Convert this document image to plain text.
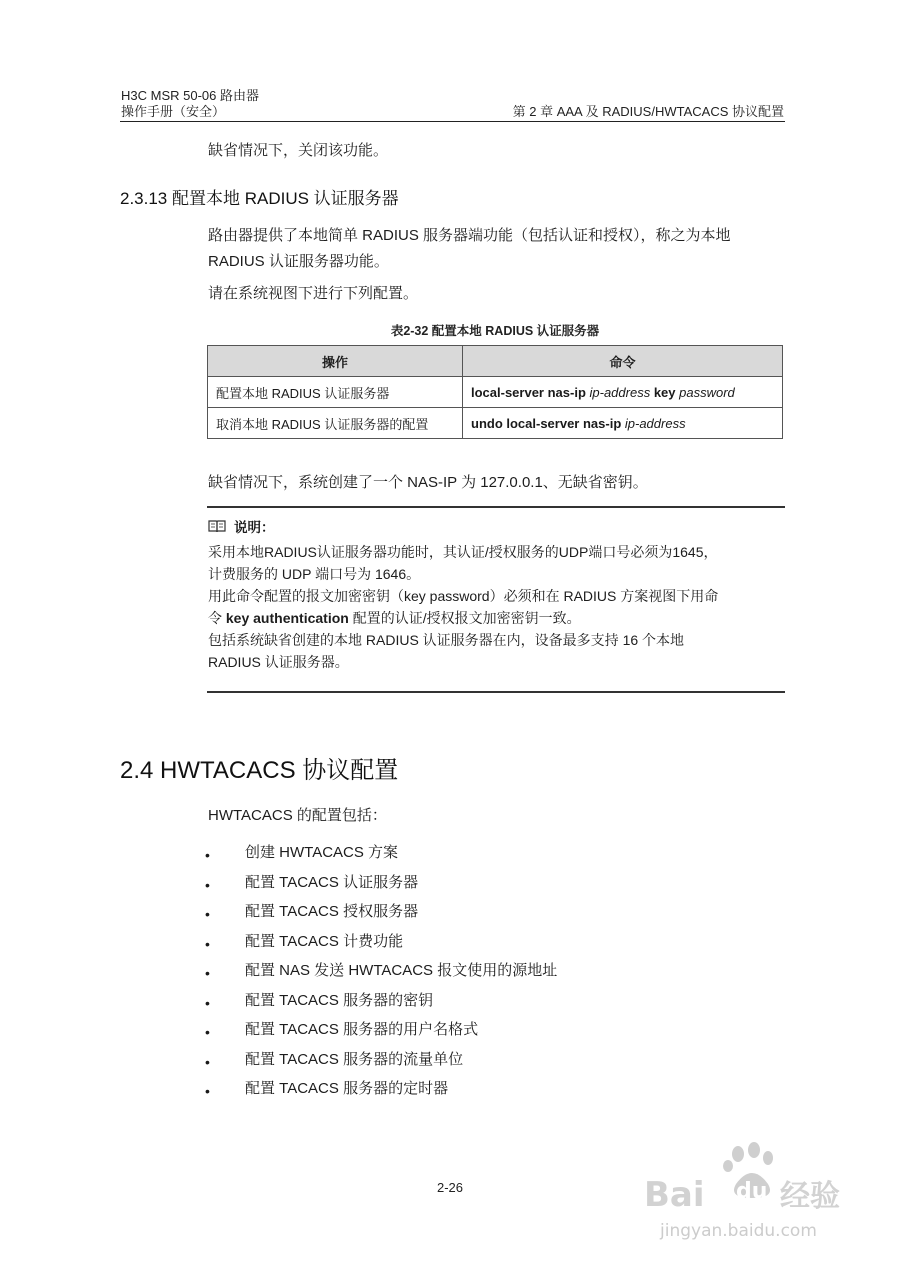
H3C MSR 50-06 路由器
操作手册（安全）	第 2 章 AAA 及 RADIUS/HWTACACS 协议配置
缺省情况下，关闭该功能。
2.3.13 配置本地 RADIUS 认证服务器
路由器提供了本地简单 RADIUS 服务器端功能（包括认证和授权），称之为本地
RADIUS 认证服务器功能。
请在系统视图下进行下列配置。
表2-32 配置本地 RADIUS 认证服务器
操作	命令
配置本地 RADIUS 认证服务器	local-server nas-ip ip-address key password
取消本地 RADIUS 认证服务器的配置	undo local-server nas-ip ip-address
缺省情况下，系统创建了一个 NAS-IP 为 127.0.0.1、无缺省密钥。
说明：
采用本地RADIUS认证服务器功能时，其认证/授权服务的UDP端口号必须为1645，
计费服务的 UDP 端口号为 1646。
用此命令配置的报文加密密钥（key password）必须和在 RADIUS 方案视图下用命
令 key authentication 配置的认证/授权报文加密密钥一致。
包括系统缺省创建的本地 RADIUS 认证服务器在内，设备最多支持 16 个本地
RADIUS 认证服务器。
2.4 HWTACACS 协议配置
HWTACACS 的配置包括：
• 创建 HWTACACS 方案
• 配置 TACACS 认证服务器
• 配置 TACACS 授权服务器
• 配置 TACACS 计费功能
• 配置 NAS 发送 HWTACACS 报文使用的源地址
• 配置 TACACS 服务器的密钥
• 配置 TACACS 服务器的用户名格式
• 配置 TACACS 服务器的流量单位
• 配置 TACACS 服务器的定时器
2-26	Bai du 经验
jingyan.baidu.com
